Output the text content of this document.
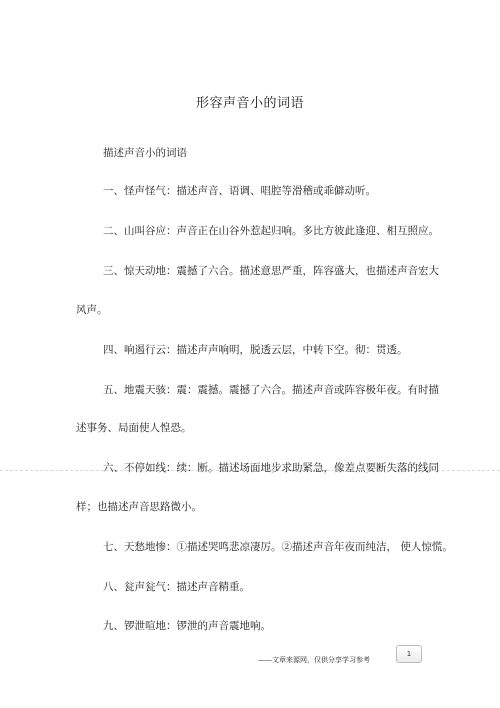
形容声音小的词语
描述声音小的词语
一、怪声怪气：描述声音、语调、唱腔等滑稽或乖僻动听。
二、山叫谷应：声音正在山谷外惹起归响。多比方彼此逢迎、相互照应。
三、惊天动地：震撼了六合。描述意思严重，阵容盛大，也描述声音宏大
风声。
四、响遏行云：描述声声响明，脱透云层，中转下空。彻：贯透。
五、地震天骇：震：震撼。震撼了六合。描述声音或阵容极年夜。有时描
述事务、局面使人惶恐。
六、不停如线：续：断。描述场面地步求助紧急，像差点要断失落的线同
样；也描述声音思路微小。
七、天愁地惨：①描述哭鸣悲凉凄厉。②描述声音年夜而纯洁， 使人惊慌。
八、瓮声瓮气：描述声音精重。
九、锣泄喧地：锣泄的声音震地响。
——文章来源网，仅供分享学习参考
1
